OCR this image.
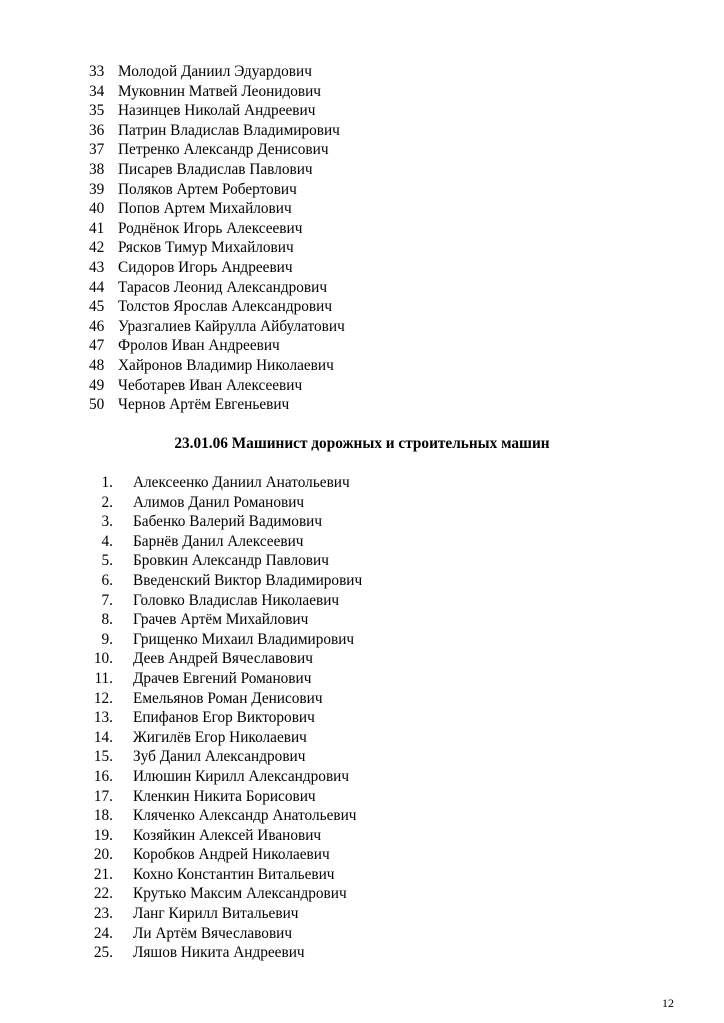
33 Молодой Даниил Эдуардович
34 Муковнин Матвей Леонидович
35 Назинцев Николай Андреевич
36 Патрин Владислав Владимирович
37 Петренко Александр Денисович
38 Писарев Владислав Павлович
39 Поляков Артем Робертович
40 Попов Артем Михайлович
41 Роднёнок Игорь Алексеевич
42 Ряcков Тимур Михайлович
43 Сидоров Игорь Андреевич
44 Тарасов Леонид Александрович
45 Толстов Ярослав Александрович
46 Уразгалиев Кайрулла Айбулатович
47 Фролов Иван Андреевич
48 Хайронов Владимир Николаевич
49 Чеботарев Иван Алексеевич
50 Чернов Артём Евгеньевич
23.01.06 Машинист дорожных и строительных машин
1. Алексеенко Даниил Анатольевич
2. Алимов Данил Романович
3. Бабенко Валерий Вадимович
4. Барнёв Данил Алексеевич
5. Бровкин Александр Павлович
6. Введенский Виктор Владимирович
7. Головко Владислав Николаевич
8. Грачев Артём Михайлович
9. Грищенко Михаил Владимирович
10. Деев Андрей Вячеславович
11. Драчев Евгений Романович
12. Емельянов Роман Денисович
13. Епифанов Егор Викторович
14. Жигилёв Егор Николаевич
15. Зуб Данил Александрович
16. Илюшин Кирилл Александрович
17. Кленкин Никита Борисович
18. Кляченко Александр Анатольевич
19. Козяйкин Алексей Иванович
20. Коробков Андрей Николаевич
21. Кохно Константин Витальевич
22. Крутько Максим Александрович
23. Ланг Кирилл Витальевич
24. Ли Артём Вячеславович
25. Ляшов Никита Андреевич
12
